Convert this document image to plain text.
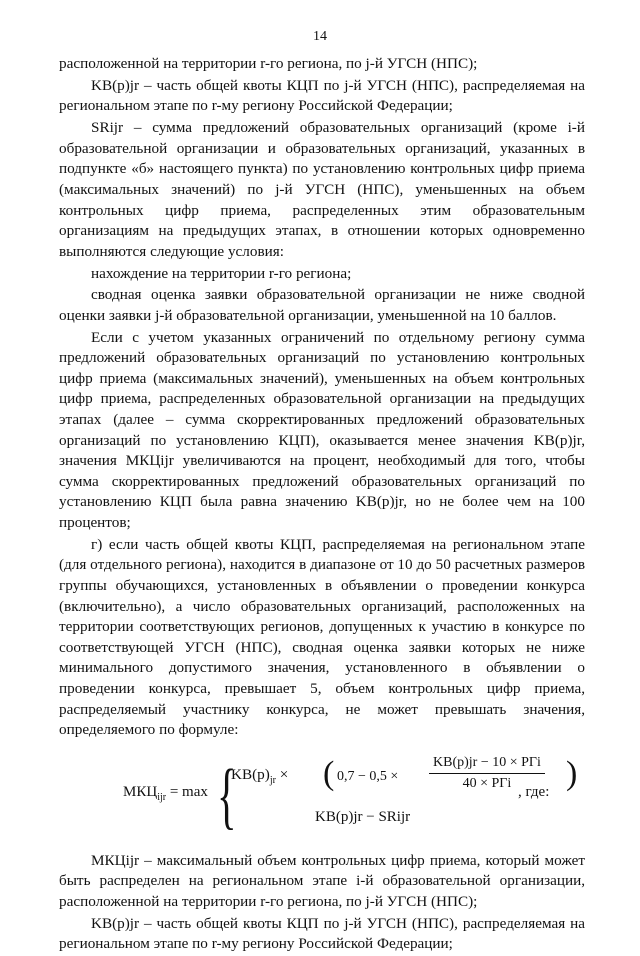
14

расположенной на территории r-го региона, по j-й УГСН (НПС);

KB(p)jr – часть общей квоты КЦП по j-й УГСН (НПС), распределяемая на региональном этапе по r-му региону Российской Федерации;

SRijr – сумма предложений образовательных организаций (кроме i-й образовательной организации и образовательных организаций, указанных в подпункте «б» настоящего пункта) по установлению контрольных цифр приема (максимальных значений) по j-й УГСН (НПС), уменьшенных на объем контрольных цифр приема, распределенных этим образовательным организациям на предыдущих этапах, в отношении которых одновременно выполняются следующие условия:

нахождение на территории r-го региона;

сводная оценка заявки образовательной организации не ниже сводной оценки заявки j-й образовательной организации, уменьшенной на 10 баллов.

Если с учетом указанных ограничений по отдельному региону сумма предложений образовательных организаций по установлению контрольных цифр приема (максимальных значений), уменьшенных на объем контрольных цифр приема, распределенных образовательной организации на предыдущих этапах (далее – сумма скорректированных предложений образовательных организаций по установлению КЦП), оказывается менее значения KB(p)jr, значения МКЦijr увеличиваются на процент, необходимый для того, чтобы сумма скорректированных предложений образовательных организаций по установлению КЦП была равна значению KB(p)jr, но не более чем на 100 процентов;

г) если часть общей квоты КЦП, распределяемая на региональном этапе (для отдельного региона), находится в диапазоне от 10 до 50 расчетных размеров группы обучающихся, установленных в объявлении о проведении конкурса (включительно), а число образовательных организаций, расположенных на территории соответствующих регионов, допущенных к участию в конкурсе по соответствующей УГСН (НПС), сводная оценка заявки которых не ниже минимального допустимого значения, установленного в объявлении о проведении конкурса, превышает 5, объем контрольных цифр приема, распределяемый участнику конкурса, не может превышать значения, определяемого по формуле:

$МКЦ_{ijr} = \max$ {
$KB(p)_{jr}$ × ( 0,7 − 0,5 ×
KB(p)jr − 10 × PГi
40 × PГi	)
KB(p)jr − SRijr
, где:

МКЦijr – максимальный объем контрольных цифр приема, который может быть распределен на региональном этапе i-й образовательной организации, расположенной на территории r-го региона, по j-й УГСН (НПС);

KB(p)jr – часть общей квоты КЦП по j-й УГСН (НПС), распределяемая на региональном этапе по r-му региону Российской Федерации;
